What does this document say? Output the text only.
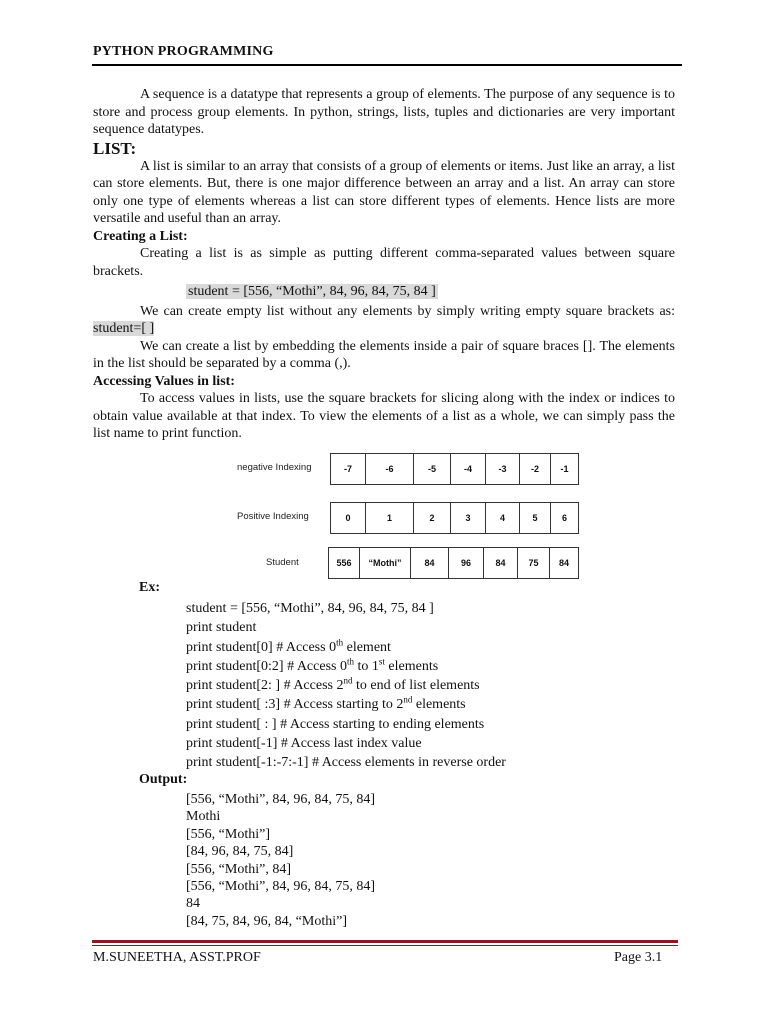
PYTHON PROGRAMMING

A sequence is a datatype that represents a group of elements. The purpose of any sequence is to store and process group elements. In python, strings, lists, tuples and dictionaries are very important sequence datatypes.

LIST:

A list is similar to an array that consists of a group of elements or items. Just like an array, a list can store elements. But, there is one major difference between an array and a list. An array can store only one type of elements whereas a list can store different types of elements. Hence lists are more versatile and useful than an array.

Creating a List:

Creating a list is as simple as putting different comma-separated values between square brackets.

student = [556, “Mothi”, 84, 96, 84, 75, 84 ]

We can create empty list without any elements by simply writing empty square brackets as: student=[ ]

We can create a list by embedding the elements inside a pair of square braces []. The elements in the list should be separated by a comma (,).

Accessing Values in list:

To access values in lists, use the square brackets for slicing along with the index or indices to obtain value available at that index. To view the elements of a list as a whole, we can simply pass the list name to print function.

negative Indexing	-7	-6	-5	-4	-3	-2	-1
Positive Indexing	0	1	2	3	4	5	6
Student	556	“Mothi”	84	96	84	75	84
Ex:
student = [556, “Mothi”, 84, 96, 84, 75, 84 ]
print student
print student[0] # Access 0th element
print student[0:2] # Access 0th to 1st elements
print student[2: ] # Access 2nd to end of list elements
print student[ :3] # Access starting to 2nd elements
print student[ : ] # Access starting to ending elements
print student[-1] # Access last index value
print student[-1:-7:-1] # Access elements in reverse order
Output:
[556, “Mothi”, 84, 96, 84, 75, 84]
Mothi
[556, “Mothi”]
[84, 96, 84, 75, 84]
[556, “Mothi”, 84]
[556, “Mothi”, 84, 96, 84, 75, 84]
84
[84, 75, 84, 96, 84, “Mothi”]
M.SUNEETHA, ASST.PROF	Page 3.1
